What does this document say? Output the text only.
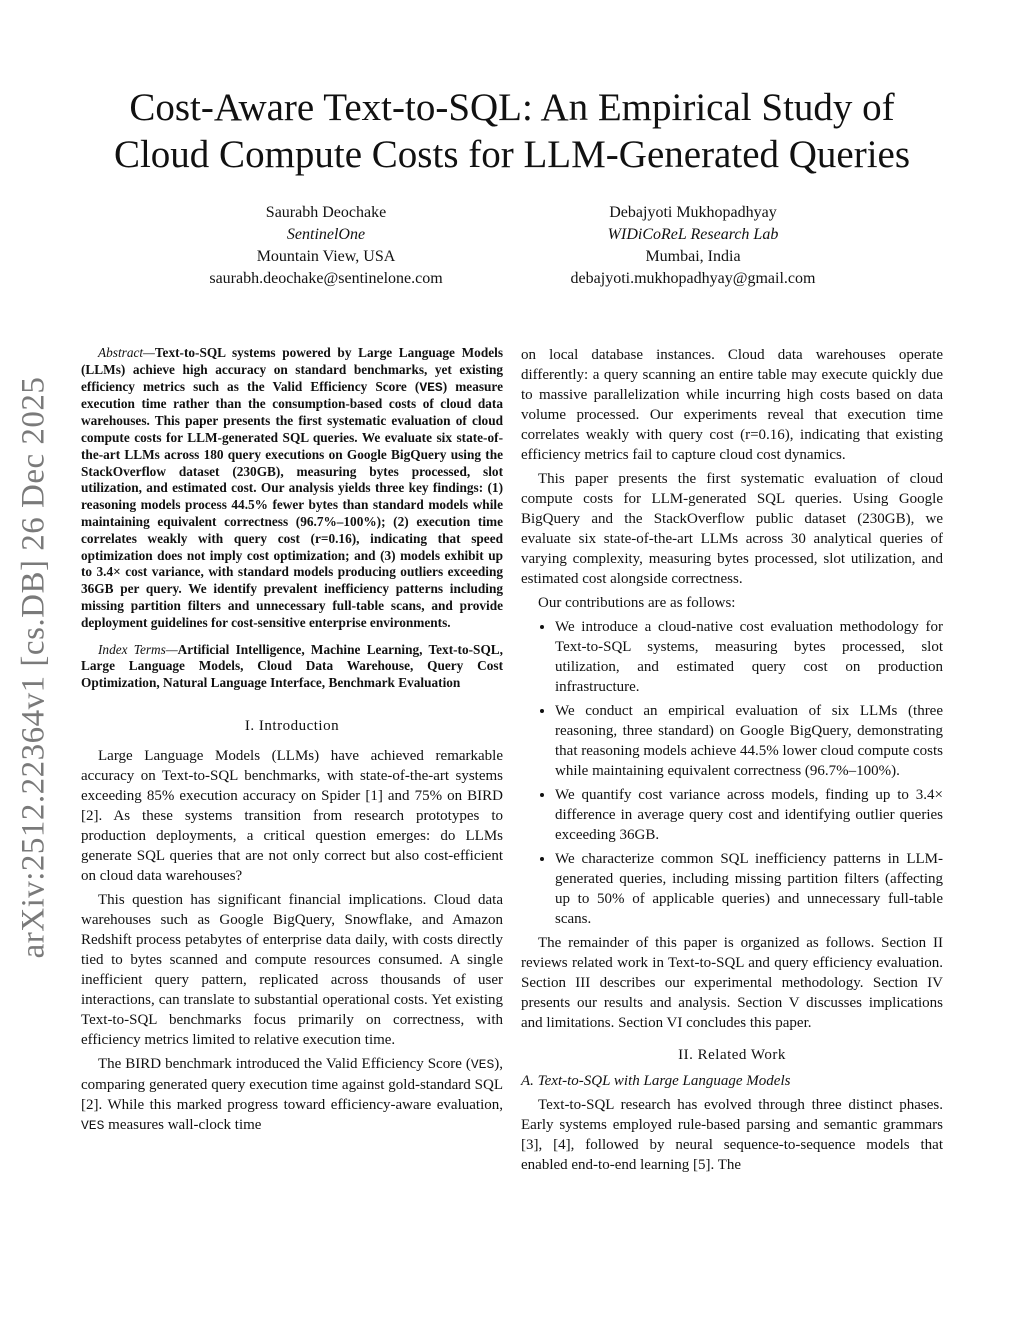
arXiv:2512.22364v1 [cs.DB] 26 Dec 2025
Cost-Aware Text-to-SQL: An Empirical Study of
Cloud Compute Costs for LLM-Generated Queries
Saurabh Deochake
SentinelOne
Mountain View, USA
saurabh.deochake@sentinelone.com
Debajyoti Mukhopadhyay
WIDiCoReL Research Lab
Mumbai, India
debajyoti.mukhopadhyay@gmail.com

Abstract—Text-to-SQL systems powered by Large Language Models (LLMs) achieve high accuracy on standard benchmarks, yet existing efficiency metrics such as the Valid Efficiency Score (VES) measure execution time rather than the consumption-based costs of cloud data warehouses. This paper presents the first systematic evaluation of cloud compute costs for LLM-generated SQL queries. We evaluate six state-of-the-art LLMs across 180 query executions on Google BigQuery using the StackOverflow dataset (230GB), measuring bytes processed, slot utilization, and estimated cost. Our analysis yields three key findings: (1) reasoning models process 44.5% fewer bytes than standard models while maintaining equivalent correctness (96.7%–100%); (2) execution time correlates weakly with query cost (r=0.16), indicating that speed optimization does not imply cost optimization; and (3) models exhibit up to 3.4× cost variance, with standard models producing outliers exceeding 36GB per query. We identify prevalent inefficiency patterns including missing partition filters and unnecessary full-table scans, and provide deployment guidelines for cost-sensitive enterprise environments.

Index Terms—Artificial Intelligence, Machine Learning, Text-to-SQL, Large Language Models, Cloud Data Warehouse, Query Cost Optimization, Natural Language Interface, Benchmark Evaluation

I. Introduction

Large Language Models (LLMs) have achieved remarkable accuracy on Text-to-SQL benchmarks, with state-of-the-art systems exceeding 85% execution accuracy on Spider [1] and 75% on BIRD [2]. As these systems transition from research prototypes to production deployments, a critical question emerges: do LLMs generate SQL queries that are not only correct but also cost-efficient on cloud data warehouses?

This question has significant financial implications. Cloud data warehouses such as Google BigQuery, Snowflake, and Amazon Redshift process petabytes of enterprise data daily, with costs directly tied to bytes scanned and compute resources consumed. A single inefficient query pattern, replicated across thousands of user interactions, can translate to substantial operational costs. Yet existing Text-to-SQL benchmarks focus primarily on correctness, with efficiency metrics limited to relative execution time.

The BIRD benchmark introduced the Valid Efficiency Score (VES), comparing generated query execution time against gold-standard SQL [2]. While this marked progress toward efficiency-aware evaluation, VES measures wall-clock time

on local database instances. Cloud data warehouses operate differently: a query scanning an entire table may execute quickly due to massive parallelization while incurring high costs based on data volume processed. Our experiments reveal that execution time correlates weakly with query cost (r=0.16), indicating that existing efficiency metrics fail to capture cloud cost dynamics.

This paper presents the first systematic evaluation of cloud compute costs for LLM-generated SQL queries. Using Google BigQuery and the StackOverflow public dataset (230GB), we evaluate six state-of-the-art LLMs across 30 analytical queries of varying complexity, measuring bytes processed, slot utilization, and estimated cost alongside correctness.

Our contributions are as follows:

• We introduce a cloud-native cost evaluation methodology for Text-to-SQL systems, measuring bytes processed, slot utilization, and estimated query cost on production infrastructure.
• We conduct an empirical evaluation of six LLMs (three reasoning, three standard) on Google BigQuery, demonstrating that reasoning models achieve 44.5% lower cloud compute costs while maintaining equivalent correctness (96.7%–100%).
• We quantify cost variance across models, finding up to 3.4× difference in average query cost and identifying outlier queries exceeding 36GB.
• We characterize common SQL inefficiency patterns in LLM-generated queries, including missing partition filters (affecting up to 50% of applicable queries) and unnecessary full-table scans.

The remainder of this paper is organized as follows. Section II reviews related work in Text-to-SQL and query efficiency evaluation. Section III describes our experimental methodology. Section IV presents our results and analysis. Section V discusses implications and limitations. Section VI concludes this paper.

II. Related Work
A. Text-to-SQL with Large Language Models

Text-to-SQL research has evolved through three distinct phases. Early systems employed rule-based parsing and semantic grammars [3], [4], followed by neural sequence-to-sequence models that enabled end-to-end learning [5]. The
